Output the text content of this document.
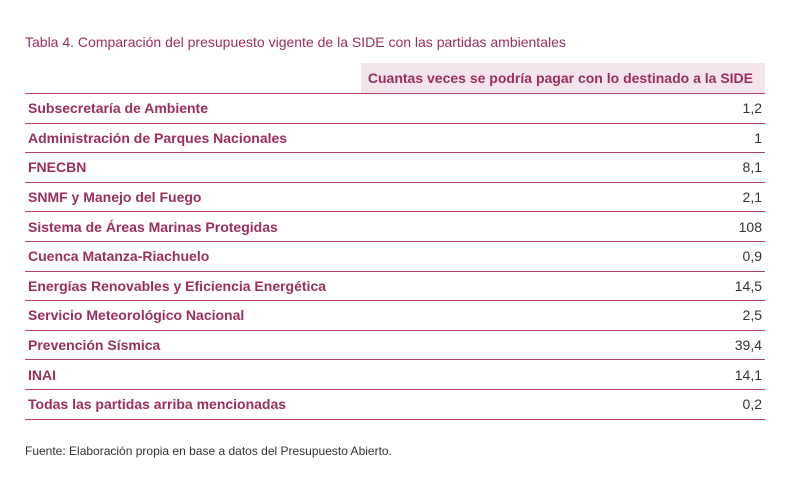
Tabla 4. Comparación del presupuesto vigente de la SIDE con las partidas ambientales
Cuantas veces se podría pagar con lo destinado a la SIDE
Subsecretaría de Ambiente	1,2
Administración de Parques Nacionales	1
FNECBN	8,1
SNMF y Manejo del Fuego	2,1
Sistema de Áreas Marinas Protegidas	108
Cuenca Matanza-Riachuelo	0,9
Energías Renovables y Eficiencia Energética	14,5
Servicio Meteorológico Nacional	2,5
Prevención Sísmica	39,4
INAI	14,1
Todas las partidas arriba mencionadas	0,2
Fuente: Elaboración propia en base a datos del Presupuesto Abierto.
